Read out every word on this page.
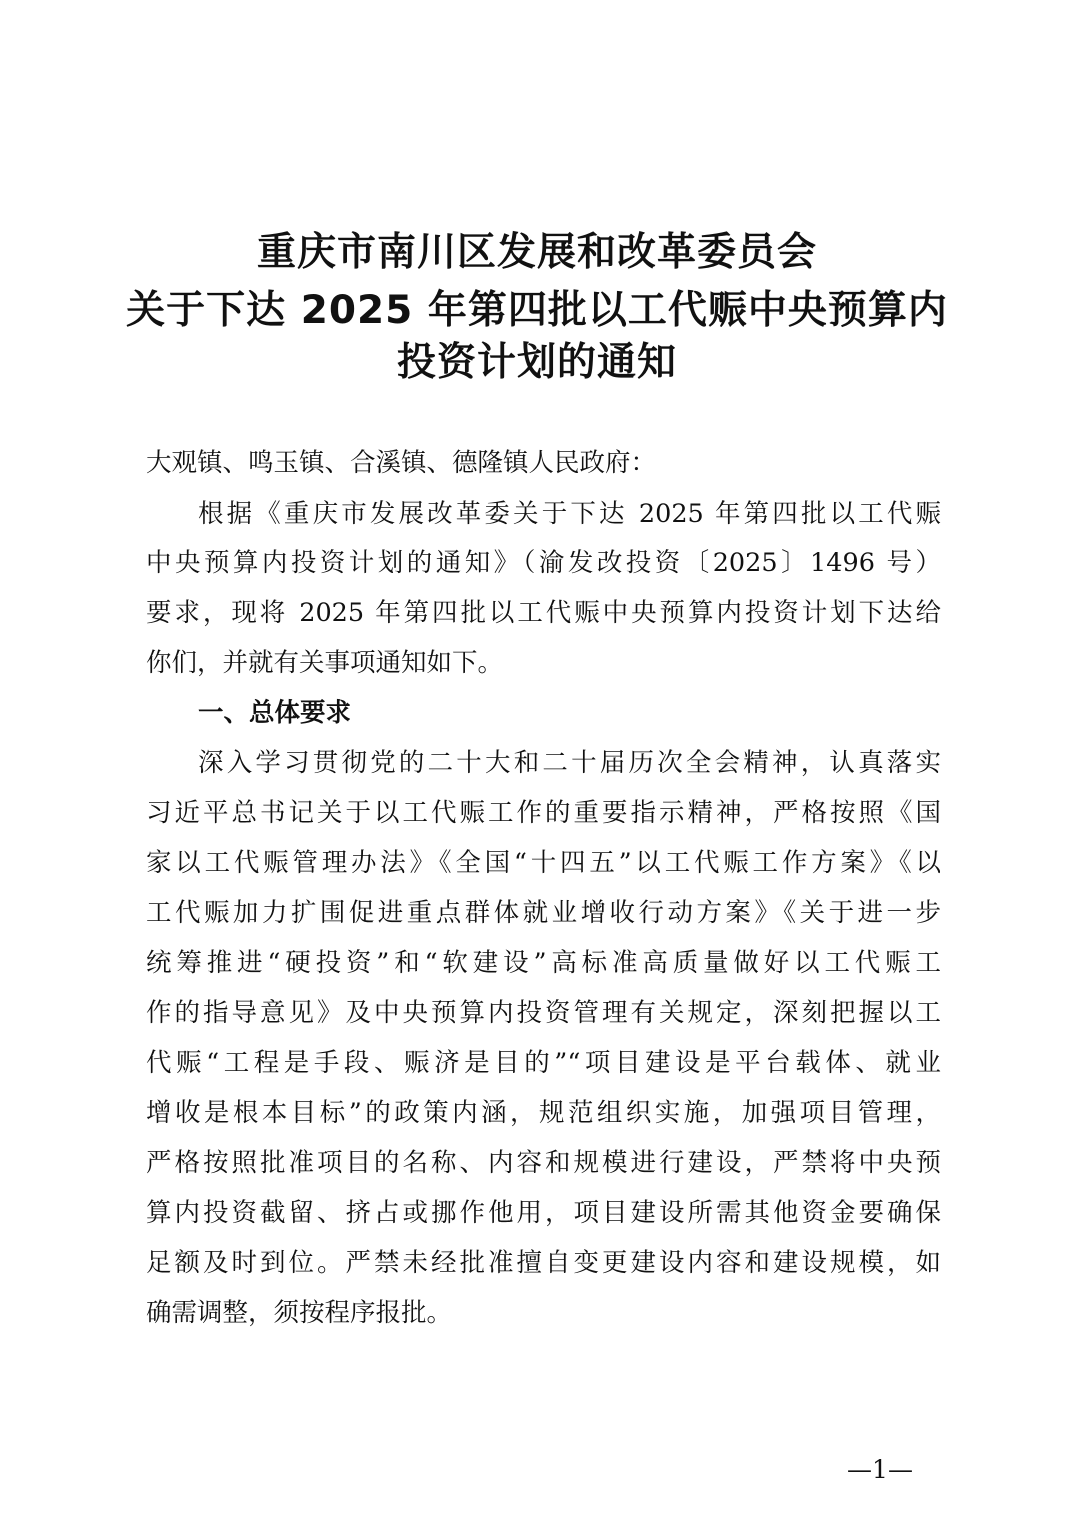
重庆市南川区发展和改革委员会
关于下达 2025 年第四批以工代赈中央预算内
投资计划的通知
大观镇、鸣玉镇、合溪镇、德隆镇人民政府：
根据《重庆市发展改革委关于下达 2025 年第四批以工代赈
中央预算内投资计划的通知》（渝发改投资〔2025〕1496 号）
要求，现将 2025 年第四批以工代赈中央预算内投资计划下达给
你们，并就有关事项通知如下。
一、总体要求
深入学习贯彻党的二十大和二十届历次全会精神，认真落实
习近平总书记关于以工代赈工作的重要指示精神，严格按照《国
家以工代赈管理办法》《全国“十四五”以工代赈工作方案》《以
工代赈加力扩围促进重点群体就业增收行动方案》《关于进一步
统筹推进“硬投资”和“软建设”高标准高质量做好以工代赈工
作的指导意见》及中央预算内投资管理有关规定，深刻把握以工
代赈“工程是手段、赈济是目的”“项目建设是平台载体、就业
增收是根本目标”的政策内涵，规范组织实施，加强项目管理，
严格按照批准项目的名称、内容和规模进行建设，严禁将中央预
算内投资截留、挤占或挪作他用，项目建设所需其他资金要确保
足额及时到位。严禁未经批准擅自变更建设内容和建设规模，如
确需调整，须按程序报批。
—1—
